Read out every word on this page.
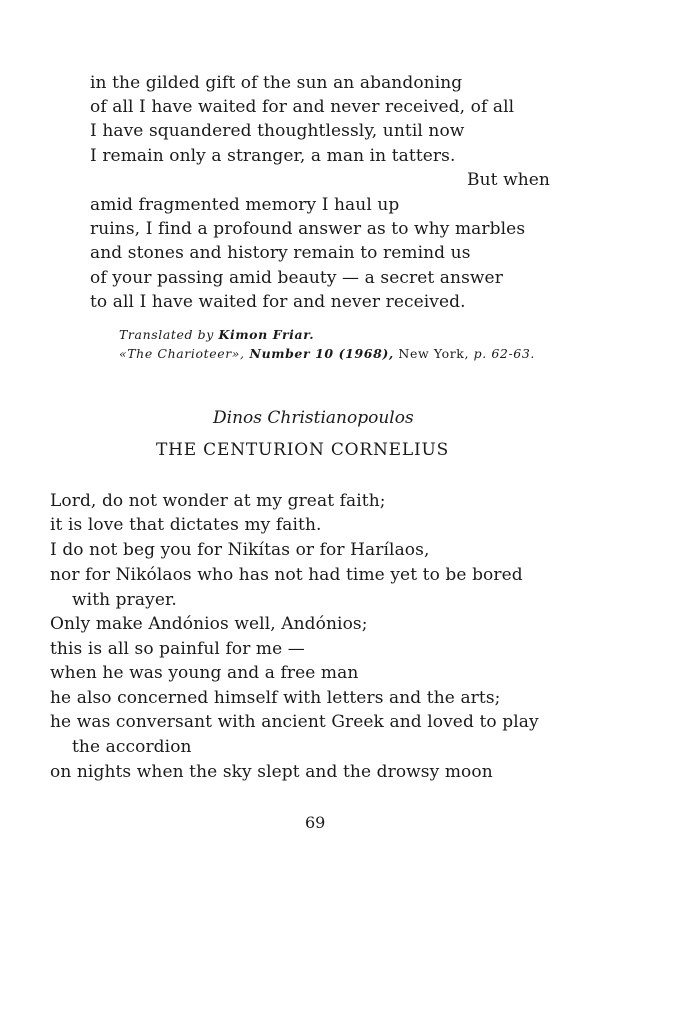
in the gilded gift of the sun an abandoning
of all I have waited for and never received, of all
I have squandered thoughtlessly, until now
I remain only a stranger, a man in tatters.
But when
amid fragmented memory I haul up
ruins, I find a profound answer as to why marbles
and stones and history remain to remind us
of your passing amid beauty — a secret answer
to all I have waited for and never received.
Translated by Kimon Friar.
«The Charioteer», Number 10 (1968), New York, p. 62-63.
Dinos Christianopoulos
THE CENTURION CORNELIUS
Lord, do not wonder at my great faith;
it is love that dictates my faith.
I do not beg you for Nikítas or for Harílaos,
nor for Nikólaos who has not had time yet to be bored
with prayer.
Only make Andónios well, Andónios;
this is all so painful for me —
when he was young and a free man
he also concerned himself with letters and the arts;
he was conversant with ancient Greek and loved to play
the accordion
on nights when the sky slept and the drowsy moon
69
